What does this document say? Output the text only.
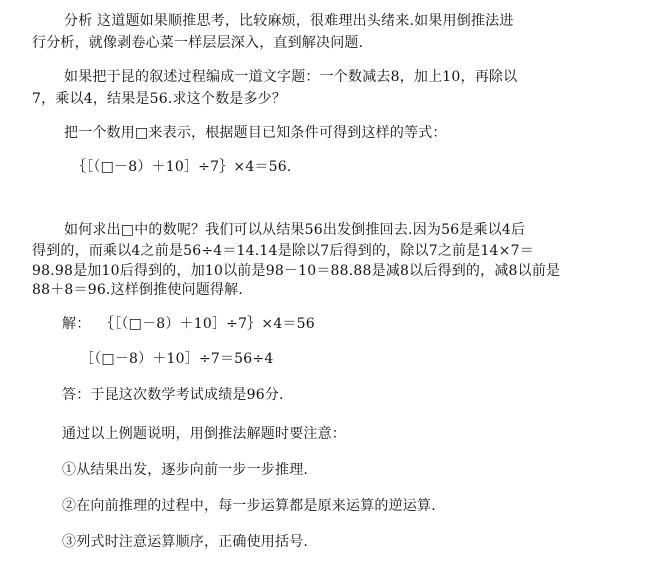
分析 这道题如果顺推思考，比较麻烦，很难理出头绪来.如果用倒推法进
行分析，就像剥卷心菜一样层层深入，直到解决问题.
如果把于昆的叙述过程编成一道文字题：一个数减去8，加上10，再除以
7，乘以4，结果是56.求这个数是多少？
把一个数用□来表示，根据题目已知条件可得到这样的等式：
｛［（□－8）＋10］÷7｝×4＝56.
如何求出□中的数呢？我们可以从结果56出发倒推回去.因为56是乘以4后
得到的，而乘以4之前是56÷4＝14.14是除以7后得到的，除以7之前是14×7＝
98.98是加10后得到的，加10以前是98－10＝88.88是减8以后得到的，减8以前是
88＋8＝96.这样倒推使问题得解.
解： ｛［（□－8）＋10］÷7｝×4＝56
［（□－8）＋10］÷7＝56÷4
答：于昆这次数学考试成绩是96分.
通过以上例题说明，用倒推法解题时要注意：
①从结果出发，逐步向前一步一步推理.
②在向前推理的过程中，每一步运算都是原来运算的逆运算.
③列式时注意运算顺序，正确使用括号.
